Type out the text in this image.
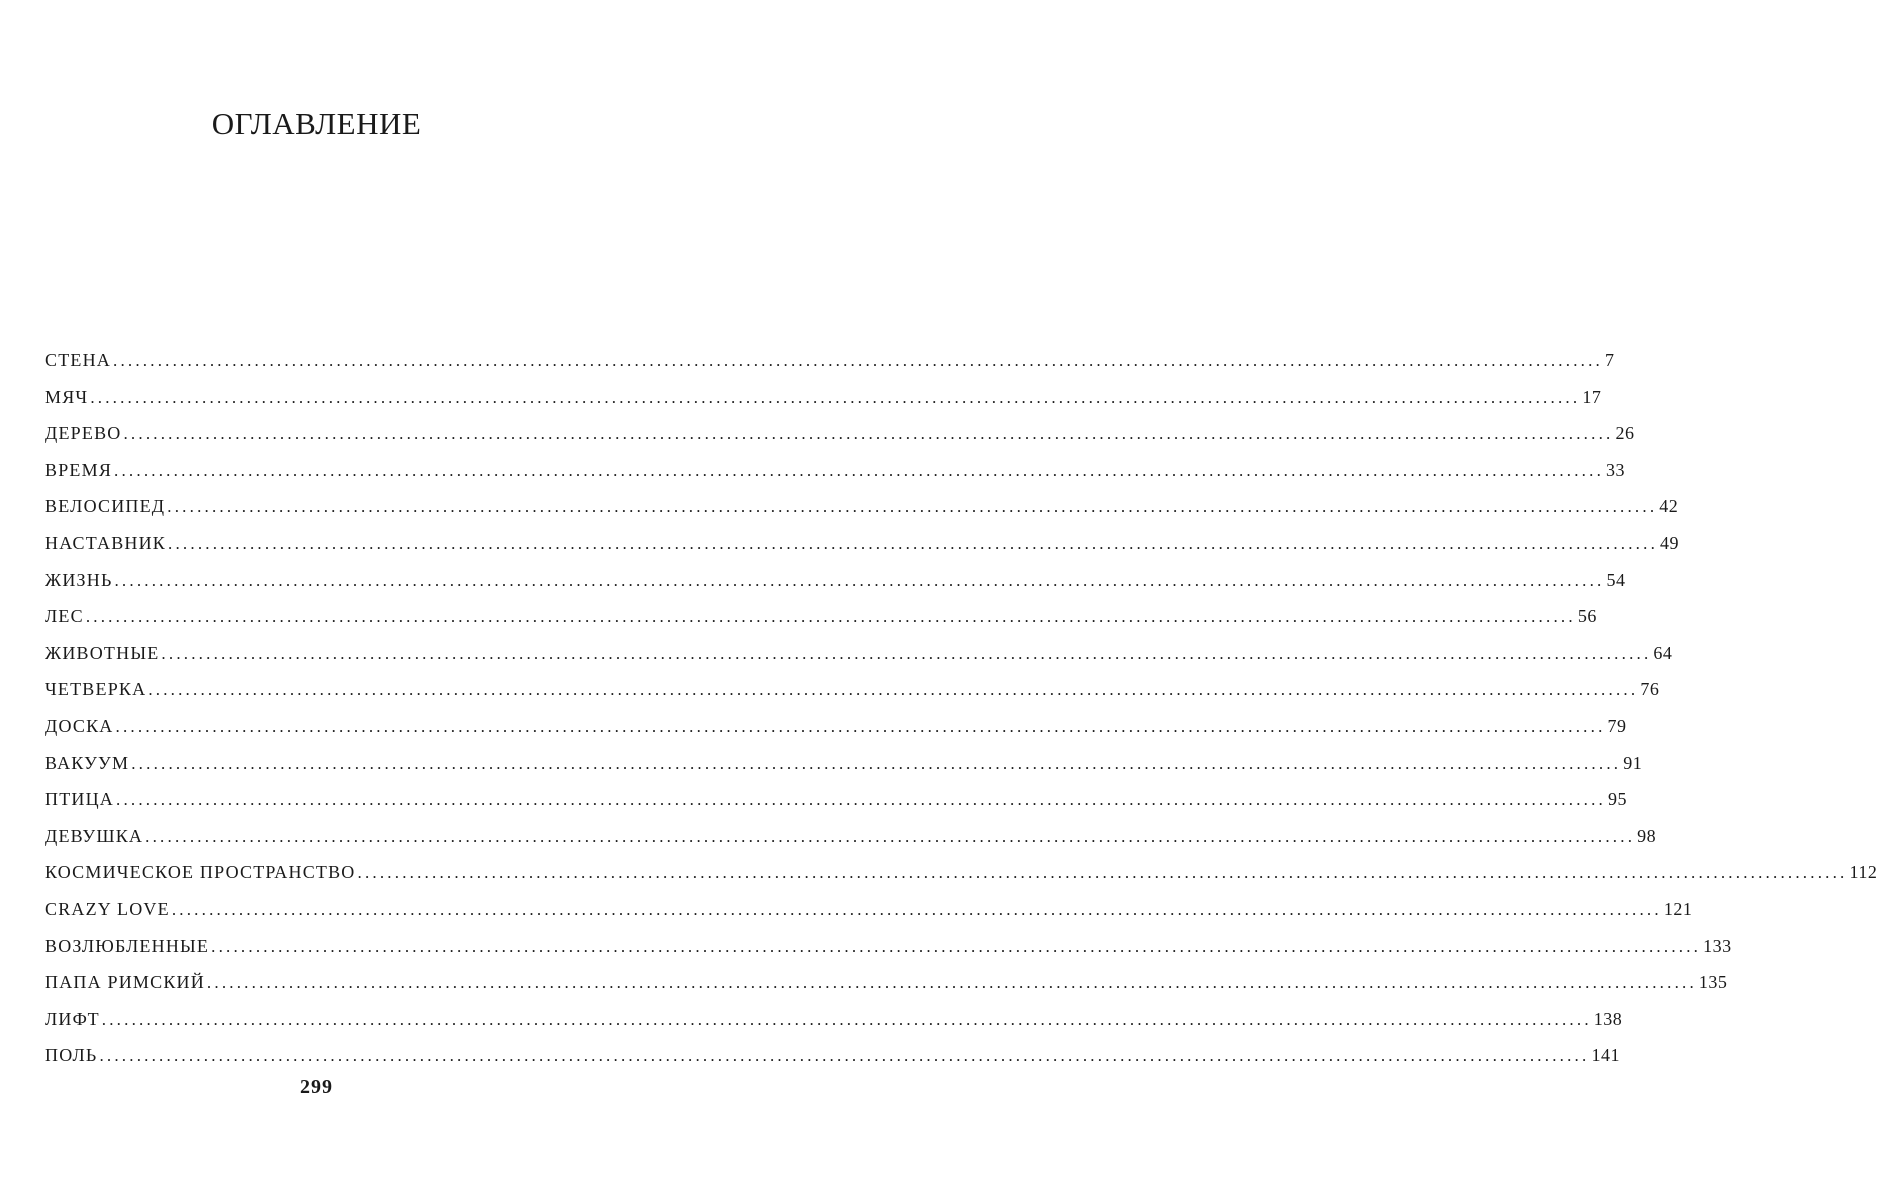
ОГЛАВЛЕНИЕ
СТЕНА ........................................................................................................................................................................................................ 7
МЯЧ ........................................................................................................................................................................................................ 17
ДЕРЕВО ........................................................................................................................................................................................................ 26
ВРЕМЯ ........................................................................................................................................................................................................ 33
ВЕЛОСИПЕД ........................................................................................................................................................................................................ 42
НАСТАВНИК ........................................................................................................................................................................................................ 49
ЖИЗНЬ ........................................................................................................................................................................................................ 54
ЛЕС ........................................................................................................................................................................................................ 56
ЖИВОТНЫЕ ........................................................................................................................................................................................................ 64
ЧЕТВЕРКА ........................................................................................................................................................................................................ 76
ДОСКА ........................................................................................................................................................................................................ 79
ВАКУУМ ........................................................................................................................................................................................................ 91
ПТИЦА ........................................................................................................................................................................................................ 95
ДЕВУШКА ........................................................................................................................................................................................................ 98
КОСМИЧЕСКОЕ ПРОСТРАНСТВО ........................................................................................................................................................................................................ 112
CRAZY LOVE ........................................................................................................................................................................................................ 121
ВОЗЛЮБЛЕННЫЕ ........................................................................................................................................................................................................ 133
ПАПА РИМСКИЙ ........................................................................................................................................................................................................ 135
ЛИФТ ........................................................................................................................................................................................................ 138
ПОЛЬ ........................................................................................................................................................................................................ 141
299
